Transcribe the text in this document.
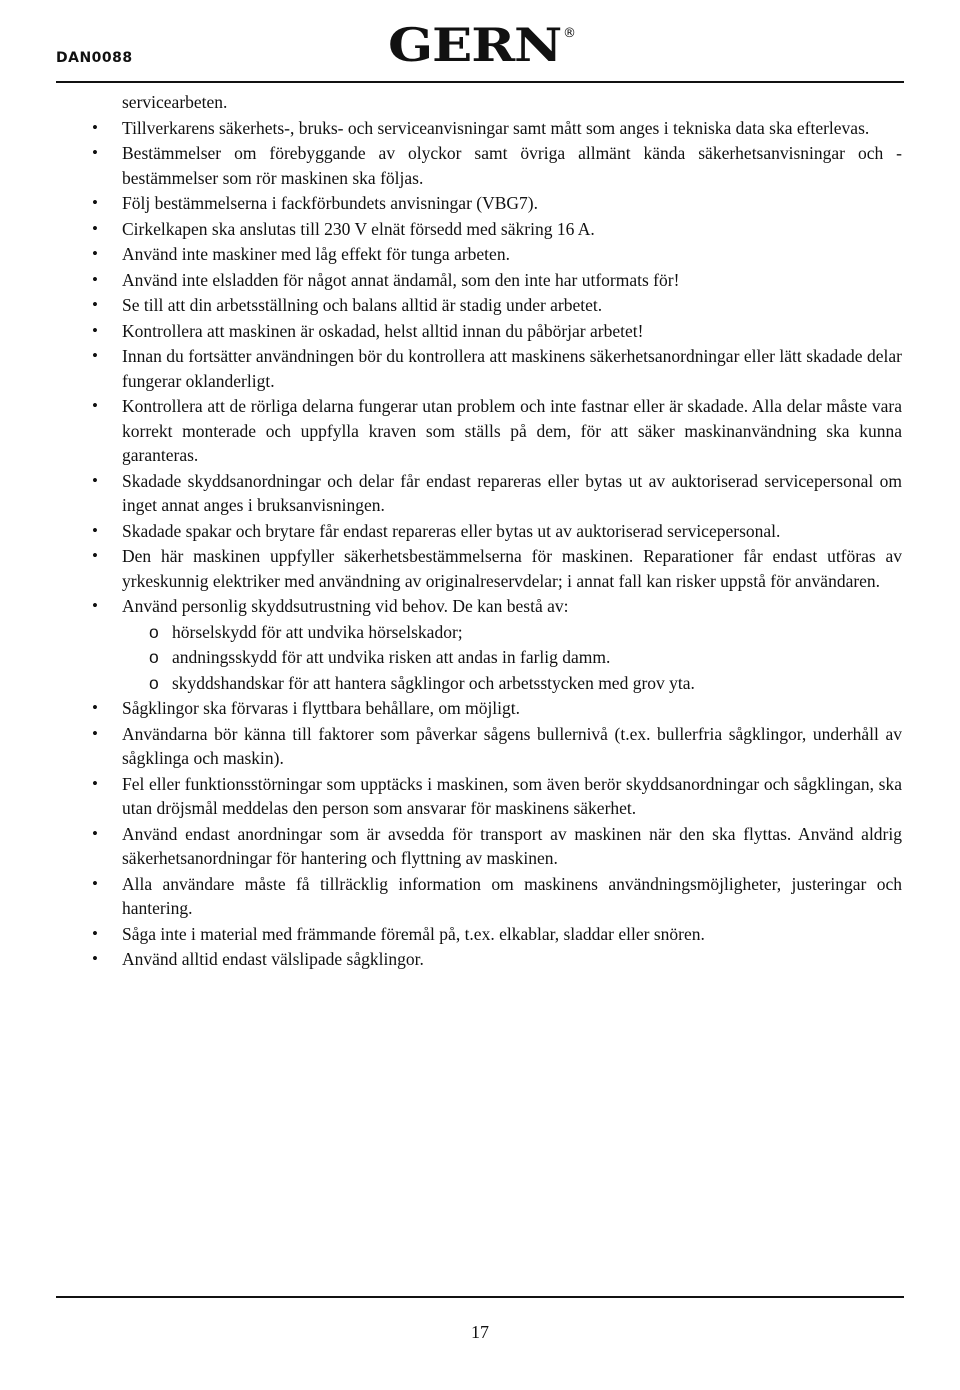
DAN0088	GERN ®

servicearbeten.

• Tillverkarens säkerhets-, bruks- och serviceanvisningar samt mått som anges i tekniska data ska efterlevas.

• Bestämmelser om förebyggande av olyckor samt övriga allmänt kända säkerhetsanvisningar och -bestämmelser som rör maskinen ska följas.

• Följ bestämmelserna i fackförbundets anvisningar (VBG7).

• Cirkelkapen ska anslutas till 230 V elnät försedd med säkring 16 A.

• Använd inte maskiner med låg effekt för tunga arbeten.

• Använd inte elsladden för något annat ändamål, som den inte har utformats för!

• Se till att din arbetsställning och balans alltid är stadig under arbetet.

• Kontrollera att maskinen är oskadad, helst alltid innan du påbörjar arbetet!

• Innan du fortsätter användningen bör du kontrollera att maskinens säkerhetsanordningar eller lätt skadade delar fungerar oklanderligt.

• Kontrollera att de rörliga delarna fungerar utan problem och inte fastnar eller är skadade. Alla delar måste vara korrekt monterade och uppfylla kraven som ställs på dem, för att säker maskinanvändning ska kunna garanteras.

• Skadade skyddsanordningar och delar får endast repareras eller bytas ut av auktoriserad servicepersonal om inget annat anges i bruksanvisningen.

• Skadade spakar och brytare får endast repareras eller bytas ut av auktoriserad servicepersonal.

• Den här maskinen uppfyller säkerhetsbestämmelserna för maskinen. Reparationer får endast utföras av yrkeskunnig elektriker med användning av originalreservdelar; i annat fall kan risker uppstå för användaren.

• Använd personlig skyddsutrustning vid behov. De kan bestå av:

o hörselskydd för att undvika hörselskador;
o andningsskydd för att undvika risken att andas in farlig damm.
o skyddshandskar för att hantera sågklingor och arbetsstycken med grov yta.

• Sågklingor ska förvaras i flyttbara behållare, om möjligt.

• Användarna bör känna till faktorer som påverkar sågens bullernivå (t.ex. bullerfria sågklingor, underhåll av sågklinga och maskin).

• Fel eller funktionsstörningar som upptäcks i maskinen, som även berör skyddsanordningar och sågklingan, ska utan dröjsmål meddelas den person som ansvarar för maskinens säkerhet.

• Använd endast anordningar som är avsedda för transport av maskinen när den ska flyttas. Använd aldrig säkerhetsanordningar för hantering och flyttning av maskinen.

• Alla användare måste få tillräcklig information om maskinens användningsmöjligheter, justeringar och hantering.

• Såga inte i material med främmande föremål på, t.ex. elkablar, sladdar eller snören.

• Använd alltid endast välslipade sågklingor.

17
